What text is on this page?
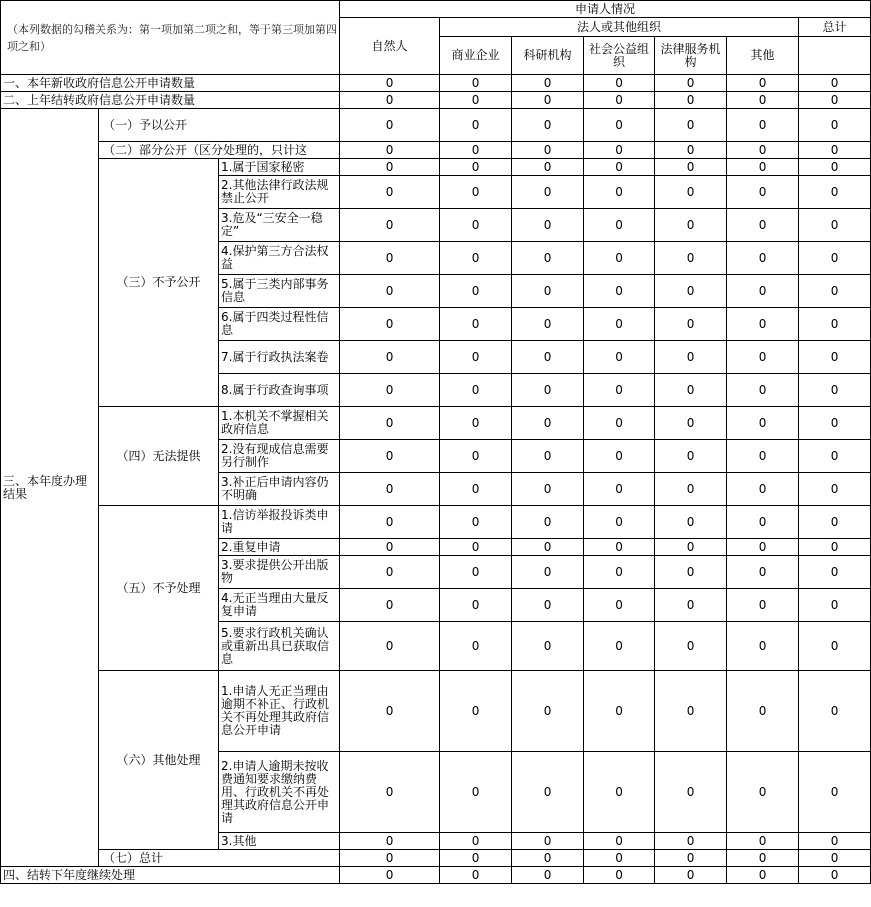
（本列数据的勾稽关系为：第一项加第二项之和，等于第三项加第四项之和）			申请人情况						
			自然人	法人或其他组织					总计
				商业企业	科研机构	社会公益组织	法律服务机构	其他	
一、本年新收政府信息公开申请数量			0	0	0	0	0	0	0
二、上年结转政府信息公开申请数量			0	0	0	0	0	0	0
三、本年度办理结果	（一）予以公开		0	0	0	0	0	0	0
	（二）部分公开（区分处理的，只计这		0	0	0	0	0	0	0
	（三）不予公开	1.属于国家秘密	0	0	0	0	0	0	0
		2.其他法律行政法规禁止公开	0	0	0	0	0	0	0
		3.危及“三安全一稳定”	0	0	0	0	0	0	0
		4.保护第三方合法权益	0	0	0	0	0	0	0
		5.属于三类内部事务信息	0	0	0	0	0	0	0
		6.属于四类过程性信息	0	0	0	0	0	0	0
		7.属于行政执法案卷	0	0	0	0	0	0	0
		8.属于行政查询事项	0	0	0	0	0	0	0
	（四）无法提供	1.本机关不掌握相关政府信息	0	0	0	0	0	0	0
		2.没有现成信息需要另行制作	0	0	0	0	0	0	0
		3.补正后申请内容仍不明确	0	0	0	0	0	0	0
	（五）不予处理	1.信访举报投诉类申请	0	0	0	0	0	0	0
		2.重复申请	0	0	0	0	0	0	0
		3.要求提供公开出版物	0	0	0	0	0	0	0
		4.无正当理由大量反复申请	0	0	0	0	0	0	0
		5.要求行政机关确认或重新出具已获取信息	0	0	0	0	0	0	0
	（六）其他处理	1.申请人无正当理由逾期不补正、行政机关不再处理其政府信息公开申请	0	0	0	0	0	0	0
		2.申请人逾期未按收费通知要求缴纳费用、行政机关不再处理其政府信息公开申请	0	0	0	0	0	0	0
		3.其他	0	0	0	0	0	0	0
	（七）总计		0	0	0	0	0	0	0
四、结转下年度继续处理			0	0	0	0	0	0	0
